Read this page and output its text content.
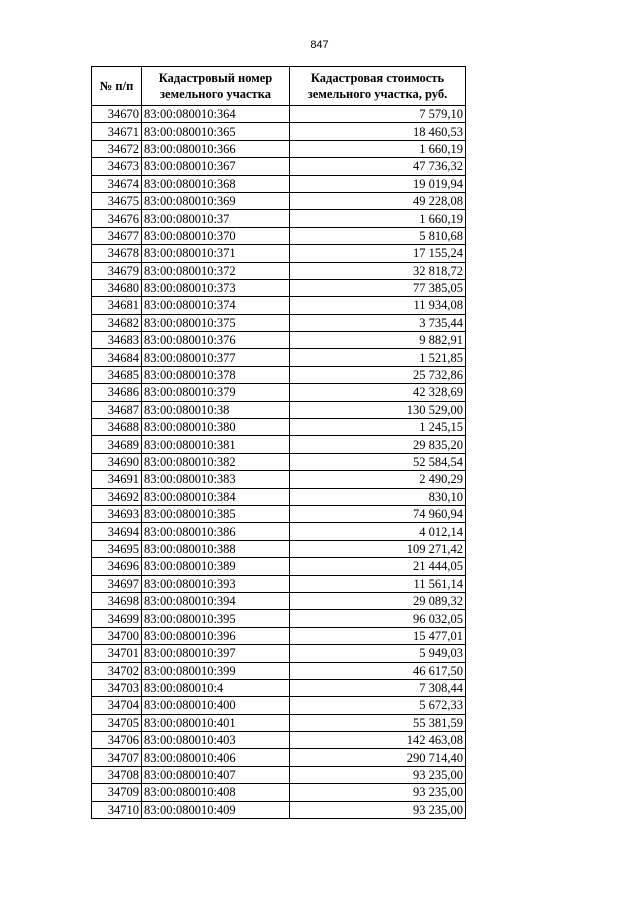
847
№ п/п	Кадастровый номер земельного участка	Кадастровая стоимость земельного участка, руб.
34670	83:00:080010:364	7 579,10
34671	83:00:080010:365	18 460,53
34672	83:00:080010:366	1 660,19
34673	83:00:080010:367	47 736,32
34674	83:00:080010:368	19 019,94
34675	83:00:080010:369	49 228,08
34676	83:00:080010:37	1 660,19
34677	83:00:080010:370	5 810,68
34678	83:00:080010:371	17 155,24
34679	83:00:080010:372	32 818,72
34680	83:00:080010:373	77 385,05
34681	83:00:080010:374	11 934,08
34682	83:00:080010:375	3 735,44
34683	83:00:080010:376	9 882,91
34684	83:00:080010:377	1 521,85
34685	83:00:080010:378	25 732,86
34686	83:00:080010:379	42 328,69
34687	83:00:080010:38	130 529,00
34688	83:00:080010:380	1 245,15
34689	83:00:080010:381	29 835,20
34690	83:00:080010:382	52 584,54
34691	83:00:080010:383	2 490,29
34692	83:00:080010:384	830,10
34693	83:00:080010:385	74 960,94
34694	83:00:080010:386	4 012,14
34695	83:00:080010:388	109 271,42
34696	83:00:080010:389	21 444,05
34697	83:00:080010:393	11 561,14
34698	83:00:080010:394	29 089,32
34699	83:00:080010:395	96 032,05
34700	83:00:080010:396	15 477,01
34701	83:00:080010:397	5 949,03
34702	83:00:080010:399	46 617,50
34703	83:00:080010:4	7 308,44
34704	83:00:080010:400	5 672,33
34705	83:00:080010:401	55 381,59
34706	83:00:080010:403	142 463,08
34707	83:00:080010:406	290 714,40
34708	83:00:080010:407	93 235,00
34709	83:00:080010:408	93 235,00
34710	83:00:080010:409	93 235,00
